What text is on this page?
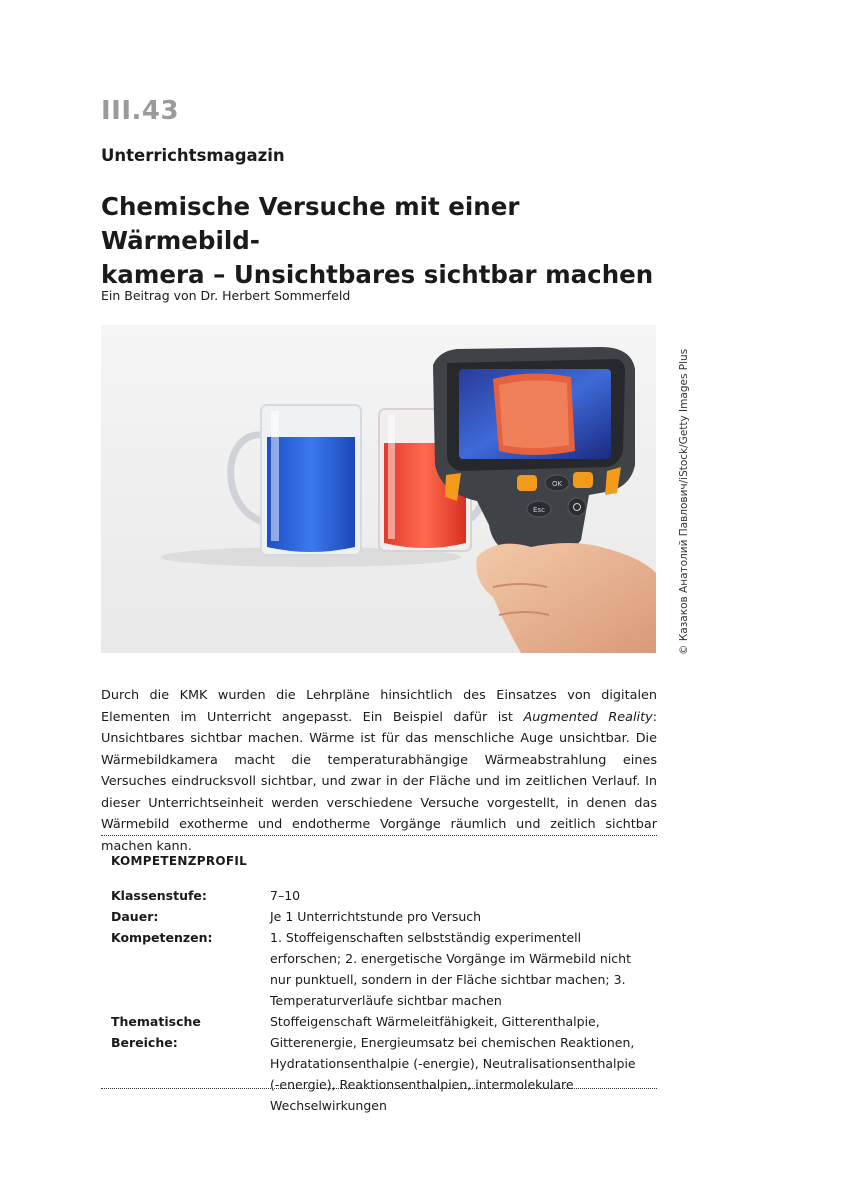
III.43
Unterrichtsmagazin
Chemische Versuche mit einer Wärmebild-
kamera – Unsichtbares sichtbar machen
Ein Beitrag von Dr. Herbert Sommerfeld
OK
Esc	© Казаков Анатолий Павлович/iStock/Getty Images Plus

Durch die KMK wurden die Lehrpläne hinsichtlich des Einsatzes von digitalen Elementen im Unterricht angepasst. Ein Beispiel dafür ist Augmented Reality: Unsichtbares sichtbar machen. Wärme ist für das menschliche Auge unsichtbar. Die Wärmebildkamera macht die temperaturabhängige Wärmeabstrahlung eines Versuches eindrucksvoll sichtbar, und zwar in der Fläche und im zeitlichen Verlauf. In dieser Unterrichtseinheit werden verschiedene Versuche vorgestellt, in denen das Wärmebild exotherme und endotherme Vorgänge räumlich und zeitlich sichtbar machen kann.

KOMPETENZPROFIL
Klassenstufe:	7–10
Dauer:	Je 1 Unterrichtstunde pro Versuch
Kompetenzen:	1. Stoffeigenschaften selbstständig experimentell erforschen; 2. energetische Vorgänge im Wärmebild nicht nur punktuell, sondern in der Fläche sichtbar machen; 3. Temperaturverläufe sichtbar machen
Thematische Bereiche:
Stoffeigenschaft Wärmeleitfähigkeit, Gitterenthalpie, Gitterenergie, Energieumsatz bei chemischen Reaktionen, Hydratationsenthalpie (-energie), Neutralisationsenthalpie (-energie), Reaktionsenthalpien, intermolekulare Wechselwirkungen
